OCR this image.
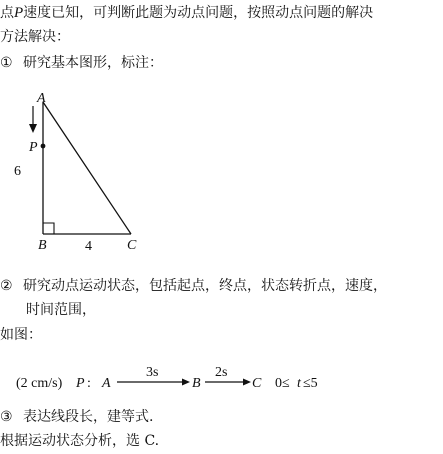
点P速度已知，可判断此题为动点问题，按照动点问题的解决
方法解决：
① 研究基本图形，标注：
A
P
B	C
6
4
② 研究动点运动状态，包括起点，终点，状态转折点，速度，
时间范围，
如图：
(2 cm/s) P : A
3s
B
2s
C 0≤ t ≤5
③ 表达线段长，建等式.
根据运动状态分析，选 C.
